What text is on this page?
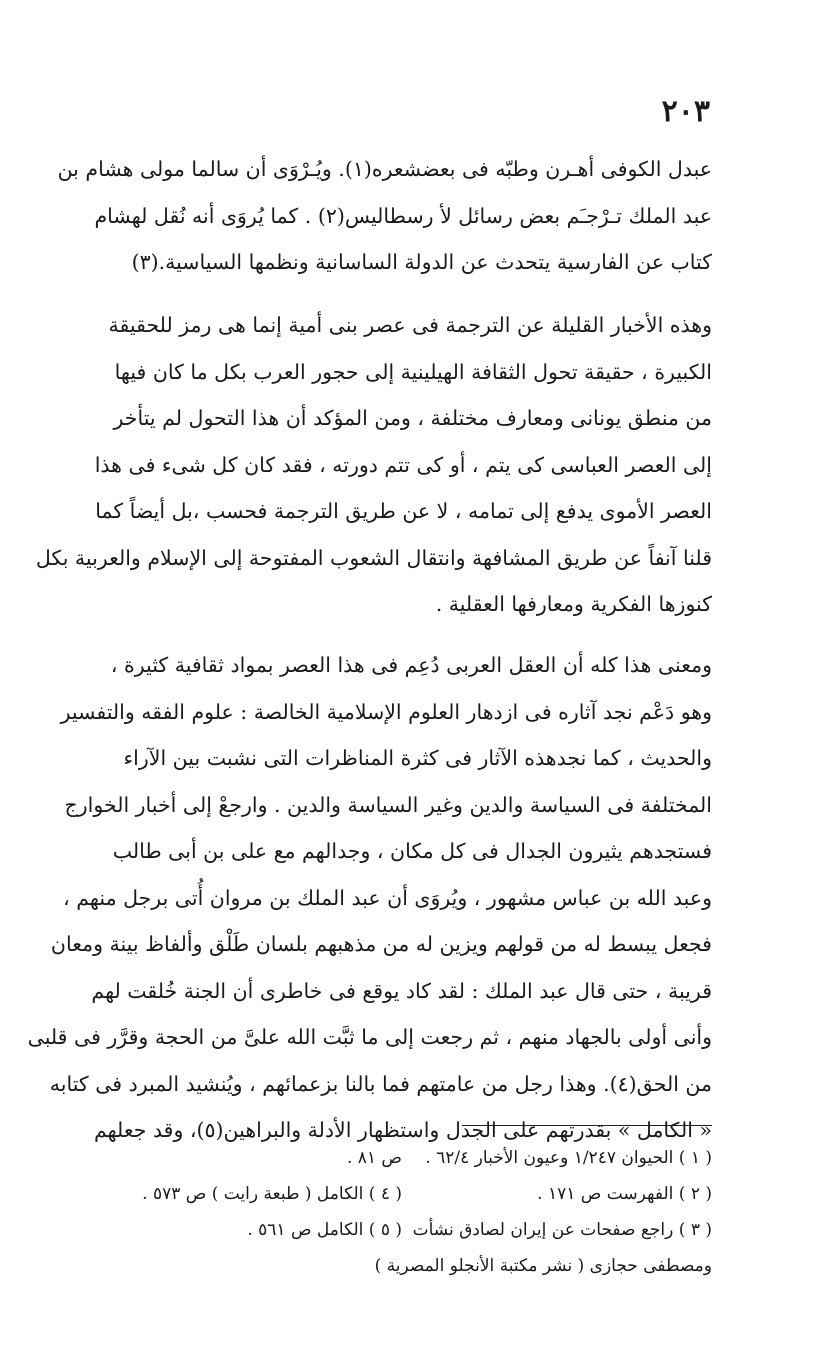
٢٠٣
عبدل الكوفى أهـرن وطبّه فى بعضشعره(١). ويُـرْوَى أن سالما مولى هشام بن
عبد الملك تـرْجـَم بعض رسائل لأ رسطاليس(٢) . كما يُروَى أنه نُقل لهشام
كتاب عن الفارسية يتحدث عن الدولة الساسانية ونظمها السياسية.(٣)
وهذه الأخبار القليلة عن الترجمة فى عصر بنى أمية إنما هى رمز للحقيقة
الكبيرة ، حقيقة تحول الثقافة الهيلينية إلى حجور العرب بكل ما كان فيها
من منطق يونانى ومعارف مختلفة ، ومن المؤكد أن هذا التحول لم يتأخر
إلى العصر العباسى كى يتم ، أو كى تتم دورته ، فقد كان كل شىء فى هذا
العصر الأموى يدفع إلى تمامه ، لا عن طريق الترجمة فحسب ،بل أيضاً كما
قلنا آنفاً عن طريق المشافهة وانتقال الشعوب المفتوحة إلى الإسلام والعربية بكل
كنوزها الفكرية ومعارفها العقلية .
ومعنى هذا كله أن العقل العربى دُعِم فى هذا العصر بمواد ثقافية كثيرة ،
وهو دَعْم نجد آثاره فى ازدهار العلوم الإسلامية الخالصة : علوم الفقه والتفسير
والحديث ، كما نجدهذه الآثار فى كثرة المناظرات التى نشبت بين الآراء
المختلفة فى السياسة والدين وغير السياسة والدين . وارجعْ إلى أخبار الخوارج
فستجدهم يثيرون الجدال فى كل مكان ، وجدالهم مع على بن أبى طالب
وعبد الله بن عباس مشهور ، ويُروَى أن عبد الملك بن مروان أُتى برجل منهم ،
فجعل يبسط له من قولهم ويزين له من مذهبهم بلسان طَلْق وألفاظ بينة ومعان
قريبة ، حتى قال عبد الملك : لقد كاد يوقع فى خاطرى أن الجنة خُلقت لهم
وأنى أولى بالجهاد منهم ، ثم رجعت إلى ما ثبَّت الله علىَّ من الحجة وقرَّر فى قلبى
من الحق(٤). وهذا رجل من عامتهم فما بالنا بزعمائهم ، ويُنشيد المبرد فى كتابه
« الكامل » بقدرتهم على الجدل واستظهار الأدلة والبراهين(٥)، وقد جعلهم
( ١ ) الحيوان ١/٢٤٧ وعيون الأخبار ٦٢/٤ .
ص ٨١ .
( ٢ ) الفهرست ص ١٧١ .
( ٤ ) الكامل ( طبعة رايت ) ص ٥٧٣ .
( ٣ ) راجع صفحات عن إيران لصادق نشأت
( ٥ ) الكامل ص ٥٦١ .
ومصطفى حجازى ( نشر مكتبة الأنجلو المصرية )
